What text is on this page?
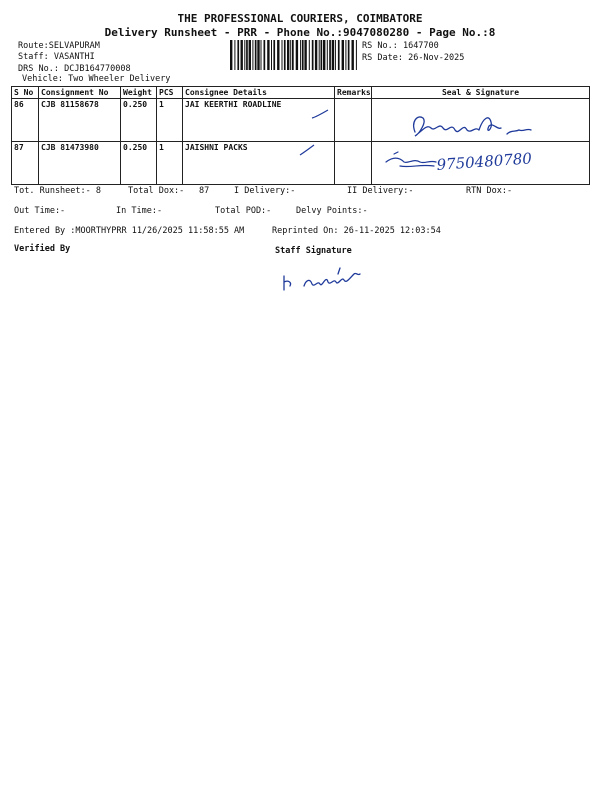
THE PROFESSIONAL COURIERS, COIMBATORE
Delivery Runsheet - PRR - Phone No.:9047080280 - Page No.:8
Route:SELVAPURAM
Staff: VASANTHI
DRS No.: DCJB164770008
Vehicle: Two Wheeler Delivery
RS No.: 1647700
RS Date: 26-Nov-2025
S No	Consignment No	Weight	PCS	Consignee Details	Remarks	Seal & Signature
86	CJB 81158678	0.250	1	JAI KEERTHI ROADLINE		
87	CJB 81473980	0.250	1	JAISHNI PACKS		
9750480780
Tot. Runsheet:- 8	Total Dox:- 87	I Delivery:-	II Delivery:-	RTN Dox:-
Out Time:-	In Time:-	Total POD:-	Delvy Points:-
Entered By :MOORTHYPRR 11/26/2025 11:58:55 AM	Reprinted On: 26-11-2025 12:03:54
Verified By	Staff Signature
